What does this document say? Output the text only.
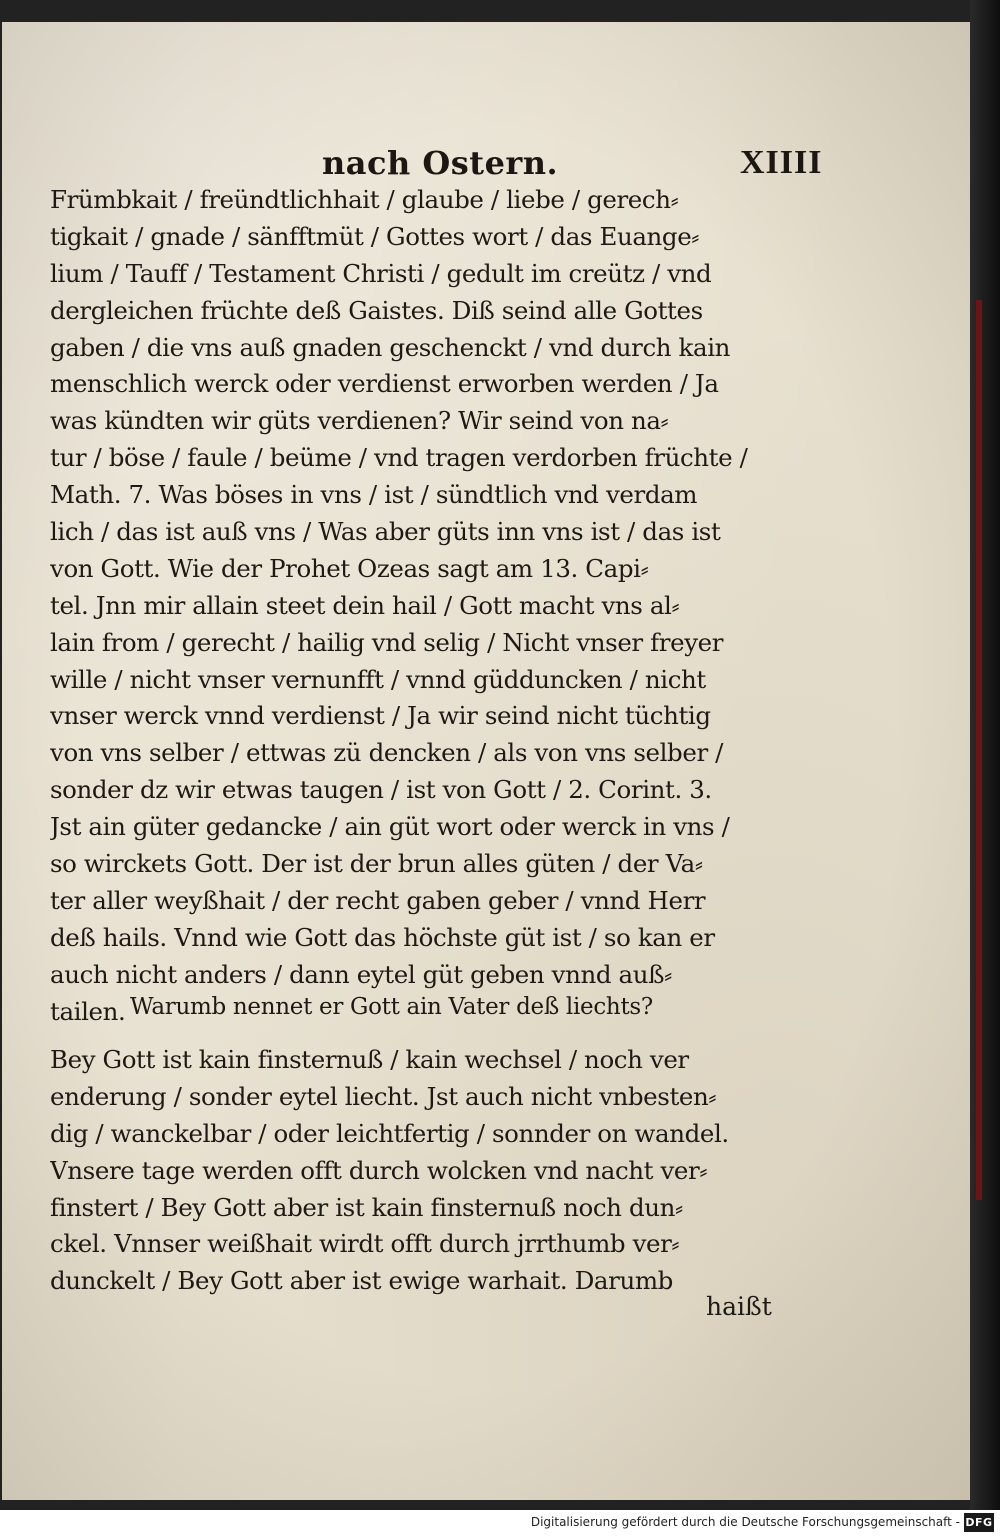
nach Ostern.	XIIII
Frümbkait / freündtlichhait / glaube / liebe / gerech⸗
tigkait / gnade / sänfftmüt / Gottes wort / das Euange⸗
lium / Tauff / Testament Christi / gedult im creütz / vnd
dergleichen früchte deß Gaistes. Diß seind alle Gottes
gaben / die vns auß gnaden geschenckt / vnd durch kain
menschlich werck oder verdienst erworben werden / Ja
was kündten wir güts verdienen? Wir seind von na⸗
tur / böse / faule / beüme / vnd tragen verdorben früchte /
Math. 7. Was böses in vns / ist / sündtlich vnd verdam
lich / das ist auß vns / Was aber güts inn vns ist / das ist
von Gott. Wie der Prohet Ozeas sagt am 13. Capi⸗
tel. Jnn mir allain steet dein hail / Gott macht vns al⸗
lain from / gerecht / hailig vnd selig / Nicht vnser freyer
wille / nicht vnser vernunfft / vnnd güdduncken / nicht
vnser werck vnnd verdienst / Ja wir seind nicht tüchtig
von vns selber / ettwas zü dencken / als von vns selber /
sonder dz wir etwas taugen / ist von Gott / 2. Corint. 3.
Jst ain güter gedancke / ain güt wort oder werck in vns /
so wirckets Gott. Der ist der brun alles güten / der Va⸗
ter aller weyßhait / der recht gaben geber / vnnd Herr
deß hails. Vnnd wie Gott das höchste güt ist / so kan er
auch nicht anders / dann eytel güt geben vnnd auß⸗
tailen. Warumb nennet er Gott ain Vater deß liechts?
Bey Gott ist kain finsternuß / kain wechsel / noch ver
enderung / sonder eytel liecht. Jst auch nicht vnbesten⸗
dig / wanckelbar / oder leichtfertig / sonnder on wandel.
Vnsere tage werden offt durch wolcken vnd nacht ver⸗
finstert / Bey Gott aber ist kain finsternuß noch dun⸗
ckel. Vnnser weißhait wirdt offt durch jrrthumb ver⸗
dunckelt / Bey Gott aber ist ewige warhait. Darumb
haißt
Digitalisierung gefördert durch die Deutsche Forschungsgemeinschaft - DFG
